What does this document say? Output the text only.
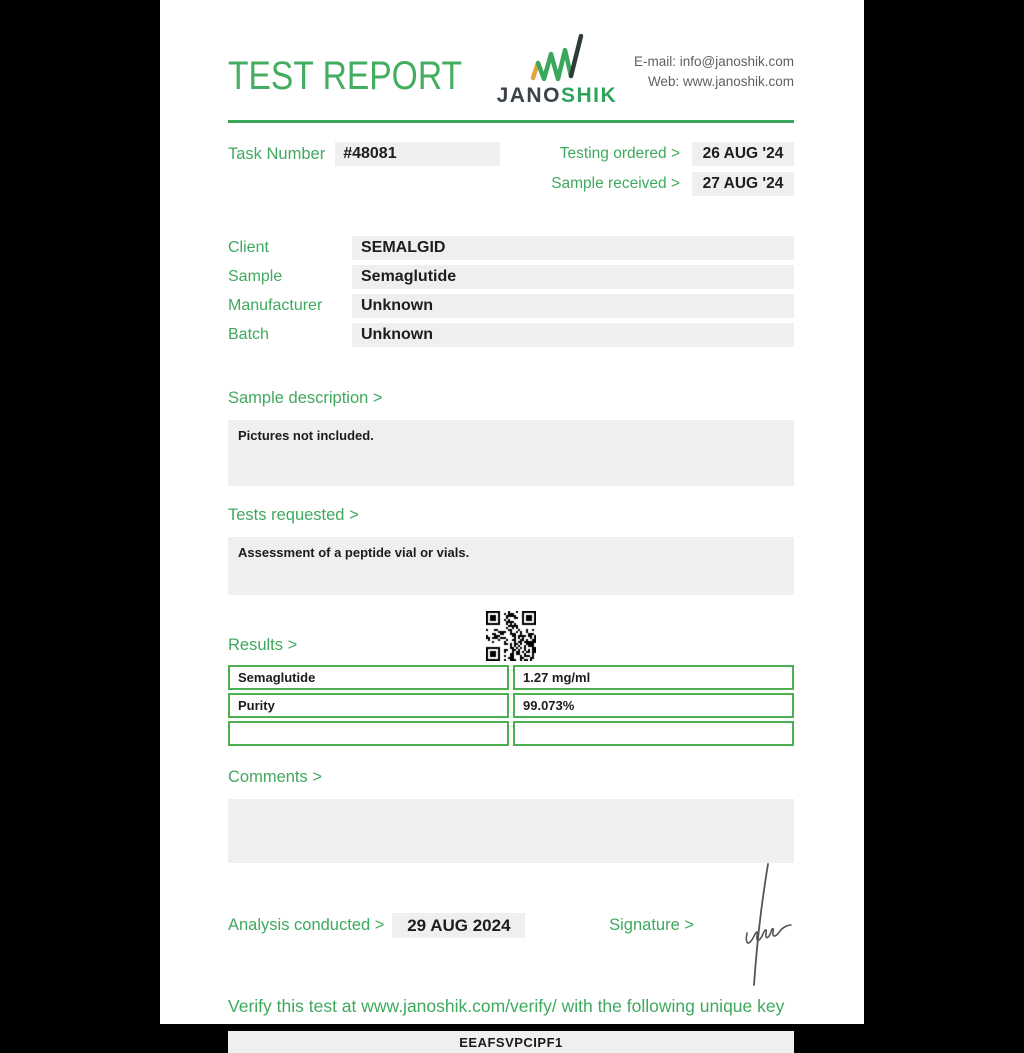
TEST REPORT JANOSHIK
E-mail: info@janoshik.com
Web: www.janoshik.com
Task Number	#48081	Testing ordered >	26 AUG '24
Sample received >	27 AUG '24
Client	SEMALGID
Sample	Semaglutide
Manufacturer	Unknown
Batch	Unknown
Sample description >
Pictures not included.
Tests requested >
Assessment of a peptide vial or vials.
Results >
Semaglutide	1.27 mg/ml
Purity	99.073%
Comments >
Analysis conducted >	29 AUG 2024	Signature >
Verify this test at www.janoshik.com/verify/ with the following unique key
EEAFSVPCIPF1
